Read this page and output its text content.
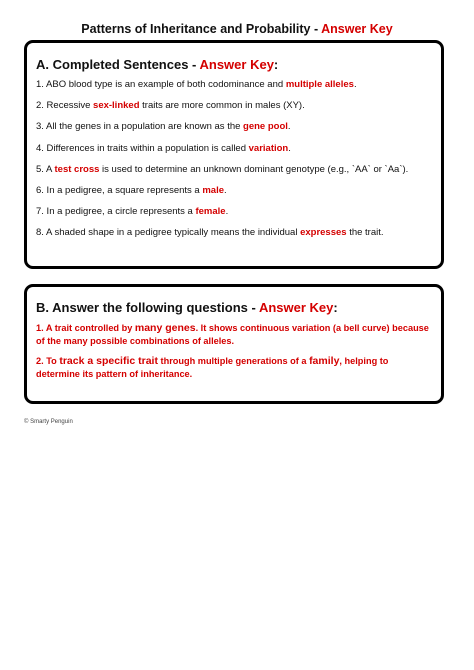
Patterns of Inheritance and Probability - Answer Key
A. Completed Sentences - Answer Key:
1. ABO blood type is an example of both codominance and multiple alleles.
2. Recessive sex-linked traits are more common in males (XY).
3. All the genes in a population are known as the gene pool.
4. Differences in traits within a population is called variation.
5. A test cross is used to determine an unknown dominant genotype (e.g., `AA` or `Aa`).
6. In a pedigree, a square represents a male.
7. In a pedigree, a circle represents a female.
8. A shaded shape in a pedigree typically means the individual expresses the trait.
B. Answer the following questions - Answer Key:
1. A trait controlled by many genes. It shows continuous variation (a bell curve) because of the many possible combinations of alleles.
2. To track a specific trait through multiple generations of a family, helping to determine its pattern of inheritance.
© Smarty Penguin
